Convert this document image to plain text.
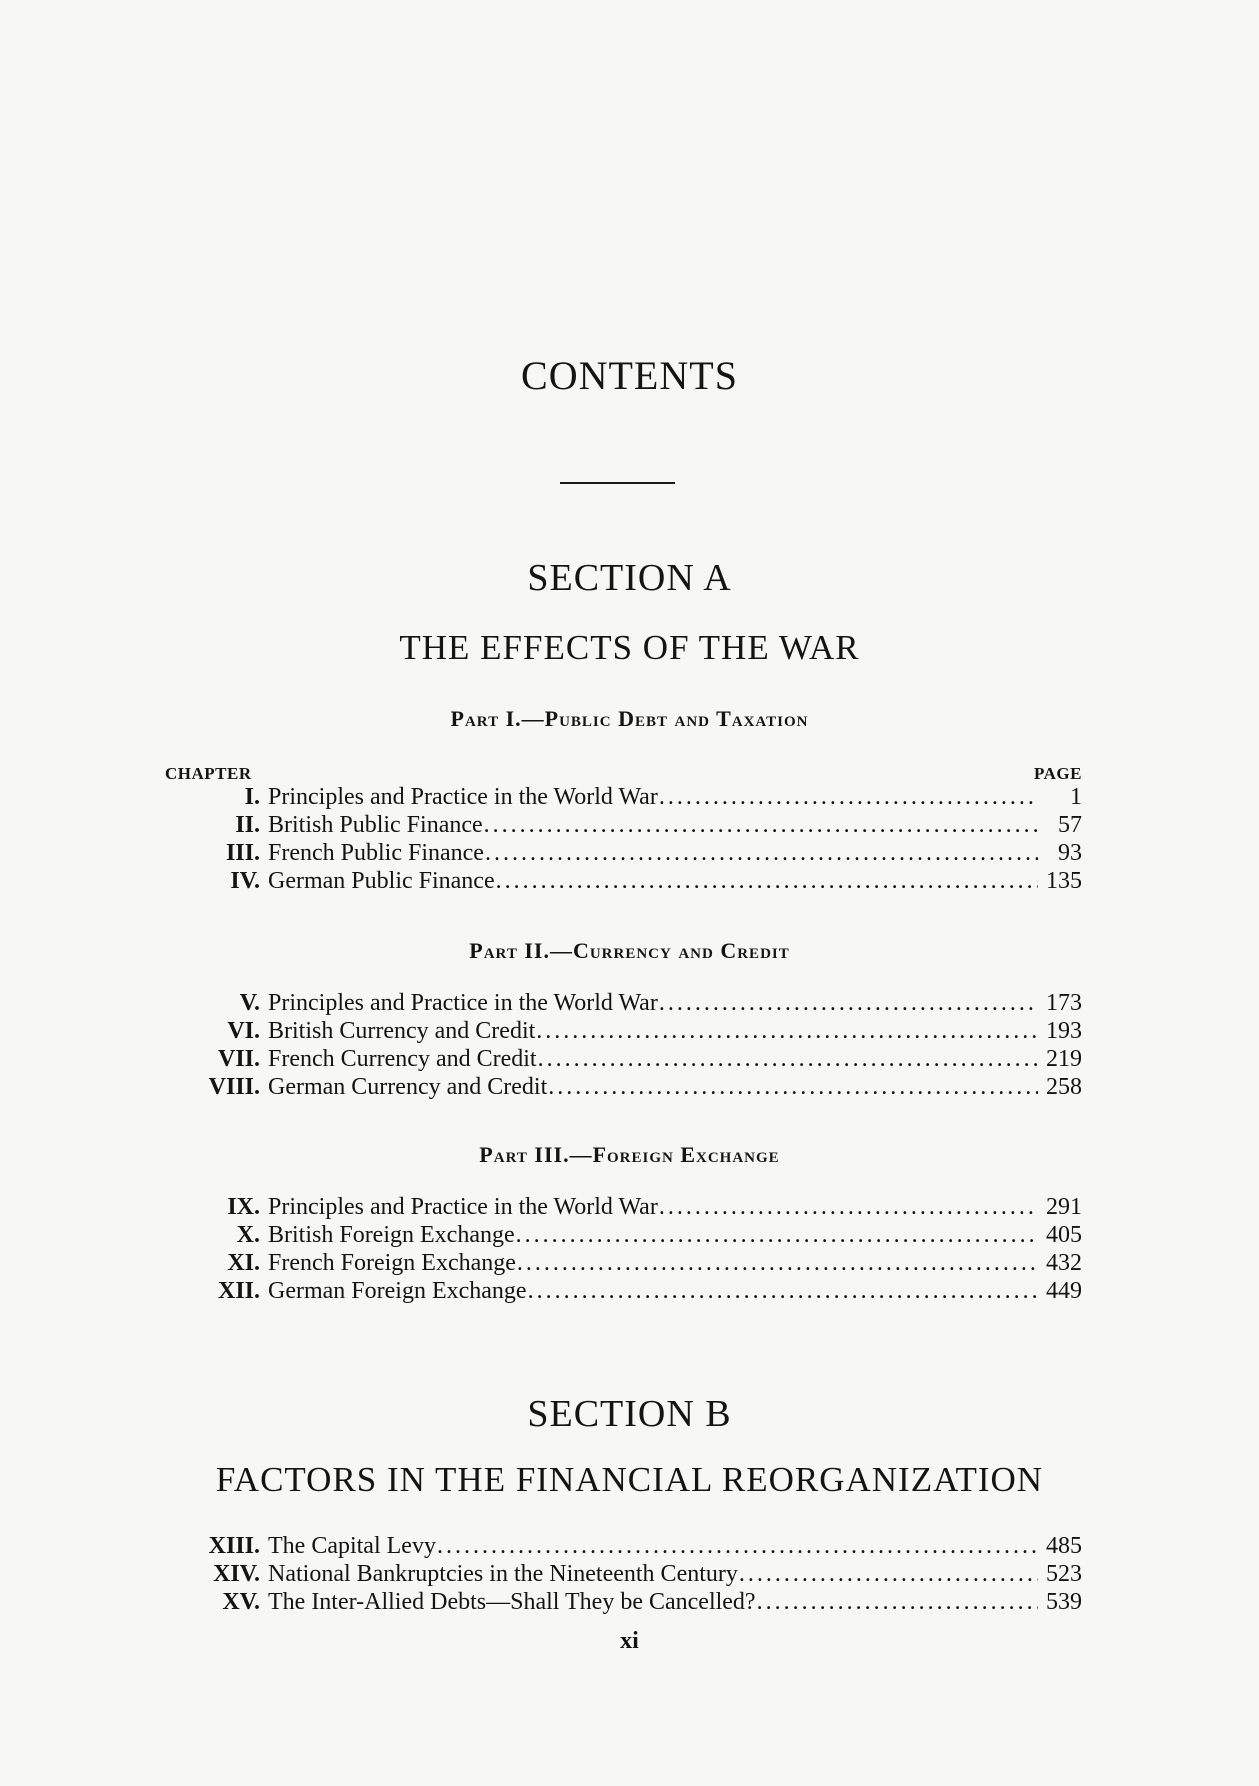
CONTENTS
SECTION A
THE EFFECTS OF THE WAR
Part I.—Public Debt and Taxation
CHAPTER	PAGE
I. Principles and Practice in the World War .....	1
II. British Public Finance .....	57
III. French Public Finance .....	93
IV. German Public Finance .....	135
Part II.—Currency and Credit
V. Principles and Practice in the World War .....	173
VI. British Currency and Credit .....	193
VII. French Currency and Credit .....	219
VIII. German Currency and Credit .....	258
Part III.—Foreign Exchange
IX. Principles and Practice in the World War .....	291
X. British Foreign Exchange .....	405
XI. French Foreign Exchange .....	432
XII. German Foreign Exchange .....	449
SECTION B
FACTORS IN THE FINANCIAL REORGANIZATION
XIII. The Capital Levy .....	485
XIV. National Bankruptcies in the Nineteenth Century .....	523
XV. The Inter-Allied Debts—Shall They be Cancelled? .....	539
xi
